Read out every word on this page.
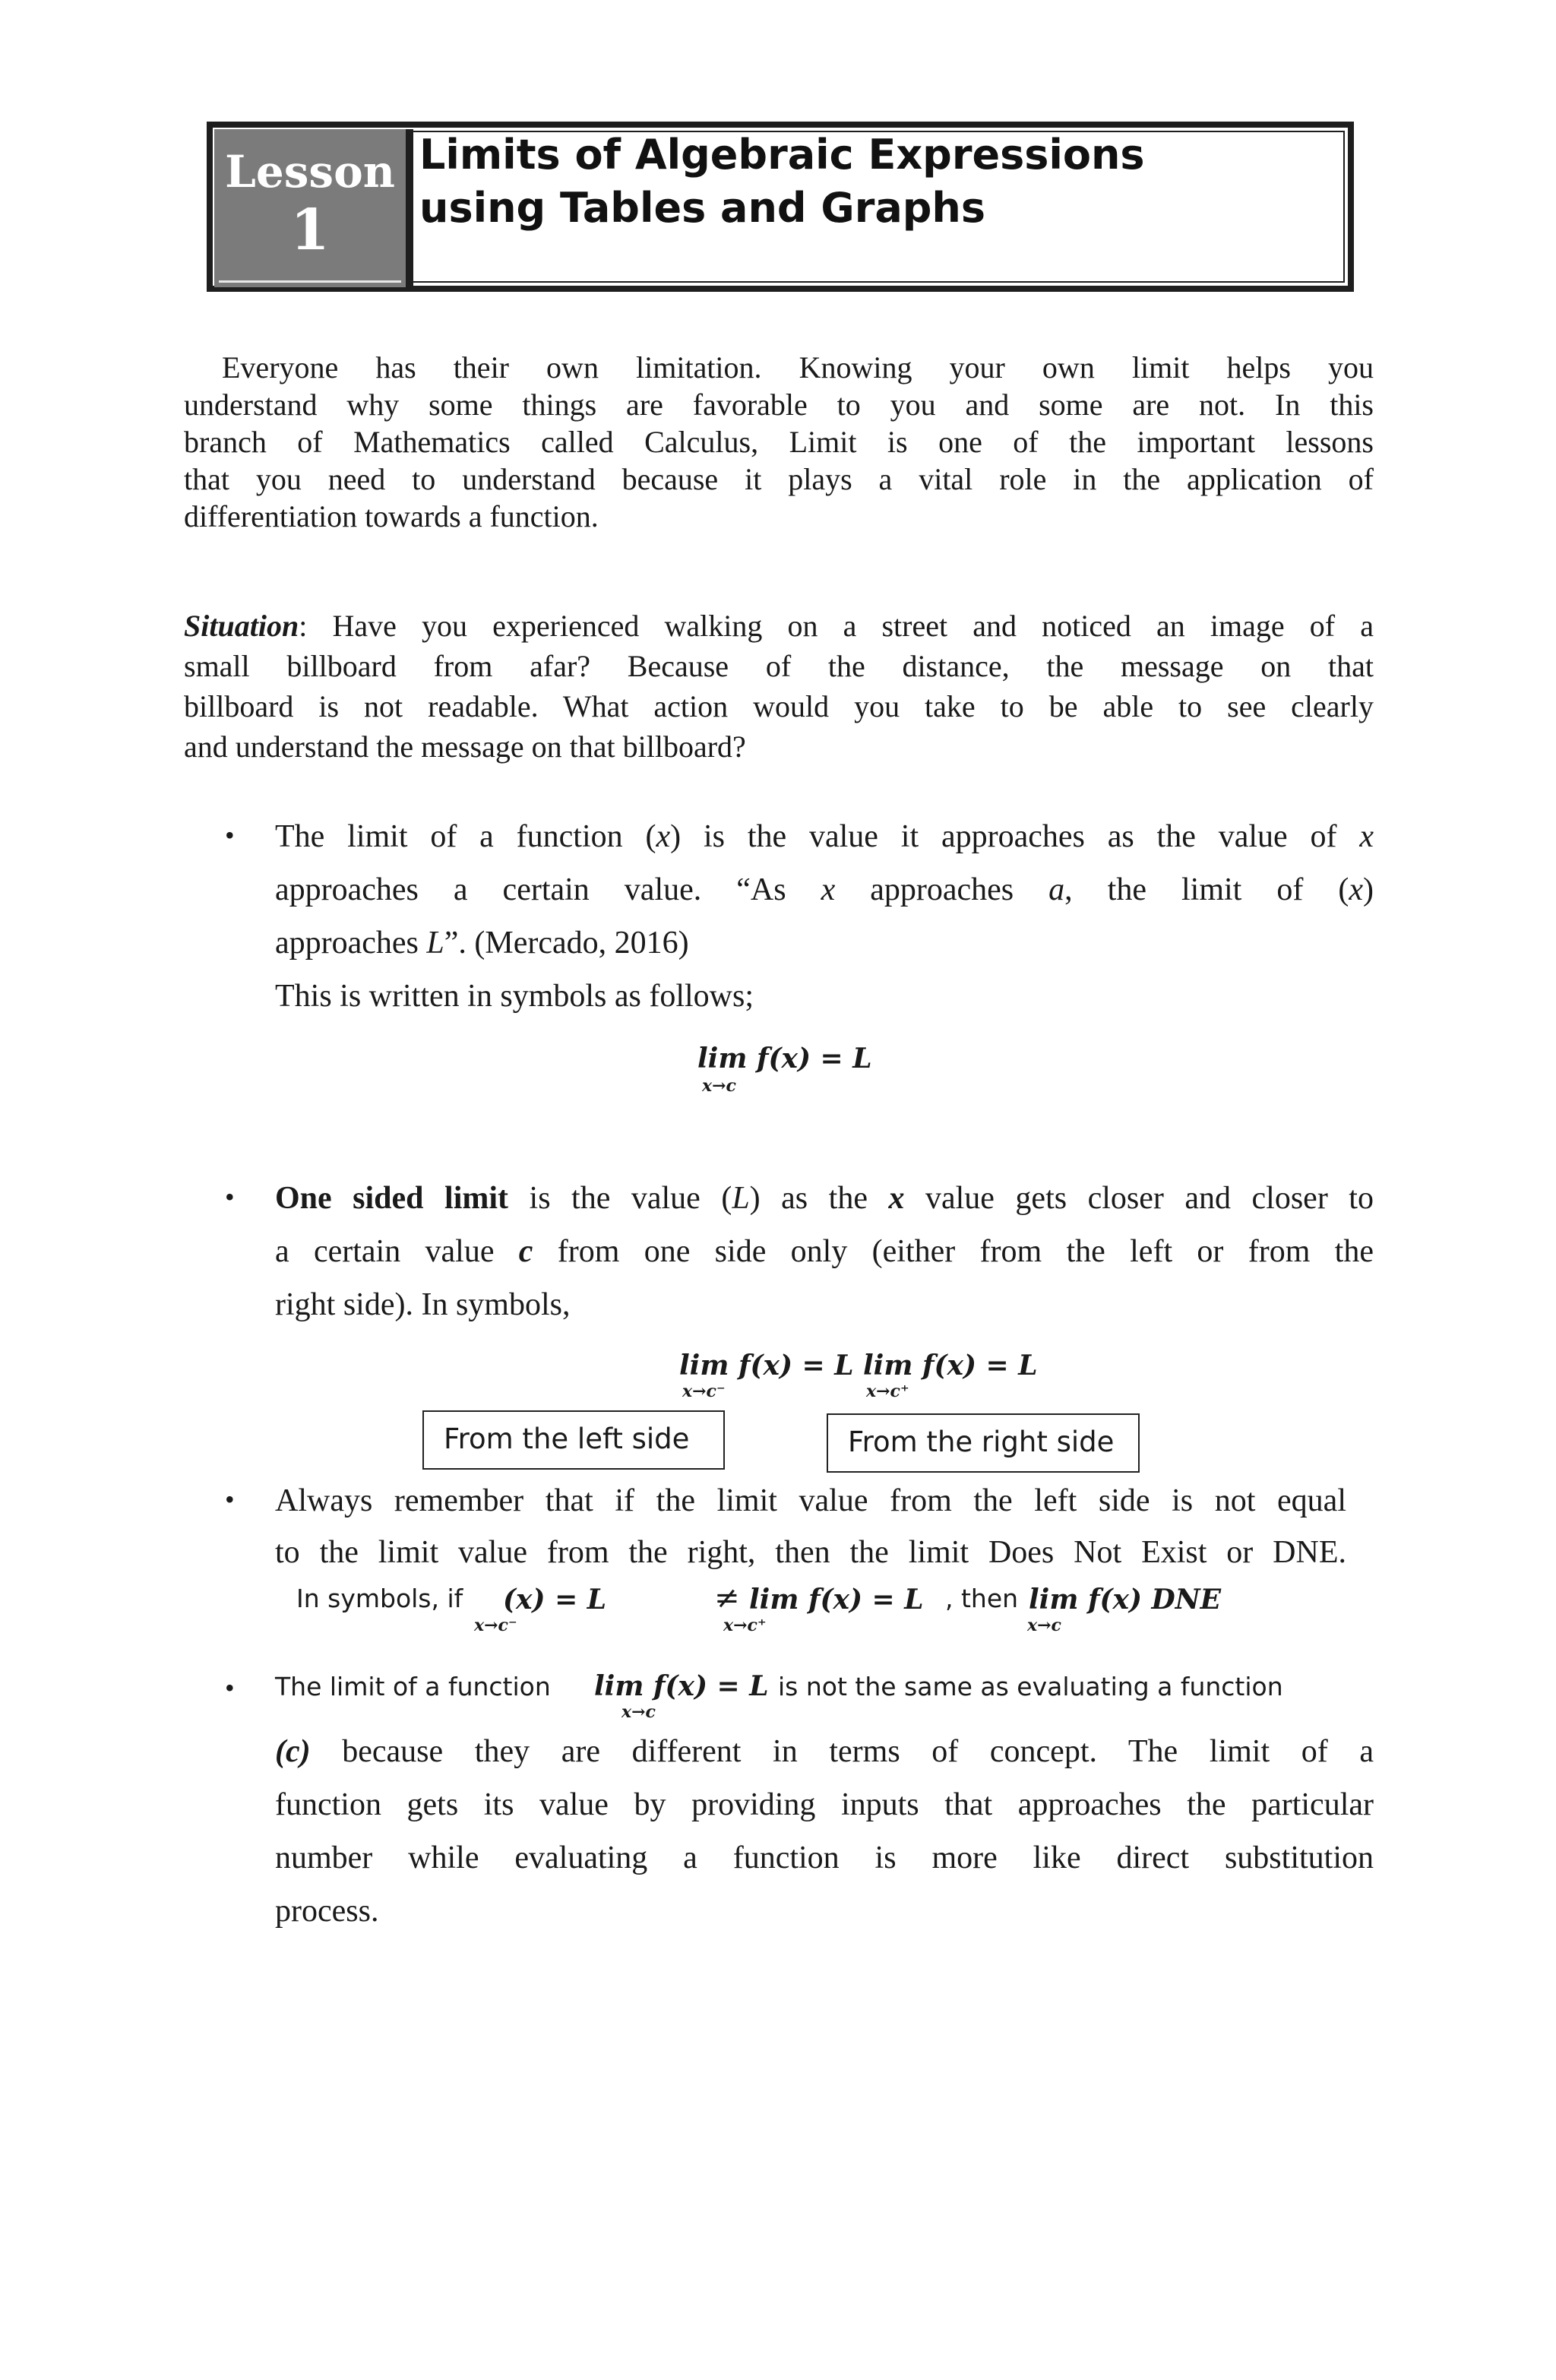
Lesson
1
Limits of Algebraic Expressions
using Tables and Graphs
Everyone has their own limitation. Knowing your own limit helps you
understand why some things are favorable to you and some are not. In this
branch of Mathematics called Calculus, Limit is one of the important lessons
that you need to understand because it plays a vital role in the application of
differentiation towards a function.
Situation: Have you experienced walking on a street and noticed an image of a
small billboard from afar? Because of the distance, the message on that
billboard is not readable. What action would you take to be able to see clearly
and understand the message on that billboard?
• The limit of a function (x) is the value it approaches as the value of x
approaches a certain value. “As x approaches a, the limit of (x)
approaches L”. (Mercado, 2016)
This is written in symbols as follows;
lim f(x) = L
x→c
• One sided limit is the value (L) as the x value gets closer and closer to
a certain value c from one side only (either from the left or from the
right side). In symbols,
lim f(x) = L
x→c⁻
lim f(x) = L
x→c⁺
From the left side	From the right side
• Always remember that if the limit value from the left side is not equal
to the limit value from the right, then the limit Does Not Exist or DNE.
In symbols, if (x) = L
x→c⁻
≠ lim f(x) = L
x→c⁺
, then lim f(x) DNE
x→c
• The limit of a function lim f(x) = L
x→c
is not the same as evaluating a function
(c) because they are different in terms of concept. The limit of a
function gets its value by providing inputs that approaches the particular
number while evaluating a function is more like direct substitution
process.
